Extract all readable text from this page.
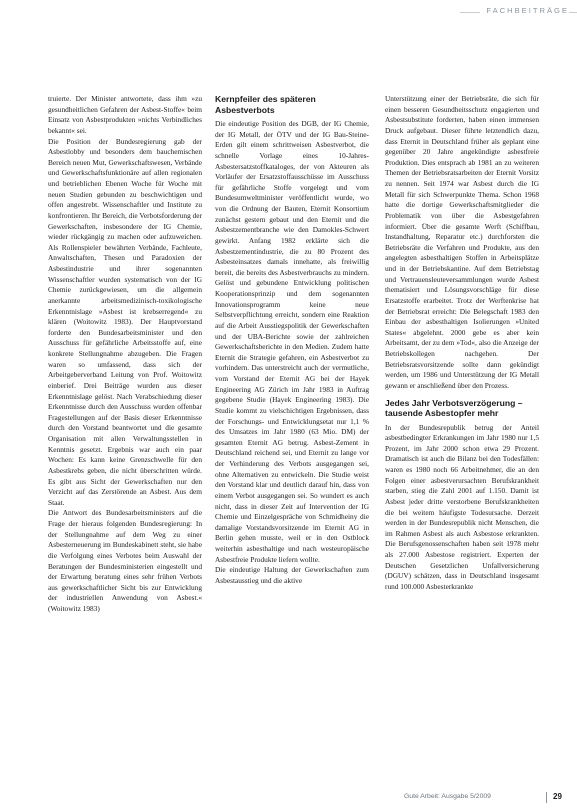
FACHBEITRÄGE

truierte. Der Minister antwortete, dass ihm »zu gesundheitlichen Gefahren der Asbest-Stoffe« beim Einsatz von Asbestprodukten »nichts Verbindliches bekannt« sei.

Die Position der Bundesregierung gab der Asbestlobby und besonders dem bauchemischen Bereich neuen Mut, Gewerkschaftswesen, Verbände und Gewerkschaftsfunktionäre auf allen regionalen und betrieblichen Ebenen Woche für Woche mit neuen Studien gebunden zu beschwichtigen und offen angestrebt. Wissenschaftler und Institute zu konfrontieren. Ihr Bereich, die Verbotsforderung der Gewerkschaften, insbesondere der IG Chemie, wieder rückgängig zu machen oder aufzuweichen. Als Rollenspieler bewährten Verbände, Fachleute, Anwaltschaften, Thesen und Paradoxien der Asbestindustrie und ihrer sogenannten Wissenschaftler wurden systematisch von der IG Chemie zurückgewiesen, um die allgemein anerkannte arbeitsmedizinisch-toxikologische Erkenntnislage »Asbest ist krebserregend« zu klären (Woitowitz 1983). Der Hauptvorstand forderte den Bundesarbeitsminister und den Ausschuss für gefährliche Arbeitsstoffe auf, eine konkrete Stellungnahme abzugeben. Die Fragen waren so umfassend, dass sich der Arbeitgeberverband Leitung von Prof. Woitowitz einberief. Drei Beiträge wurden aus dieser Erkenntnislage gelöst. Nach Verabschiedung dieser Erkenntnisse durch den Ausschuss wurden offenbar Fragestellungen auf der Basis dieser Erkenntnisse durch den Vorstand beantwortet und die gesamte Organisation mit allen Verwaltungsstellen in Kenntnis gesetzt. Ergebnis war auch ein paar Wochen: Es kann keine Grenzschwelle für den Asbestkrebs geben, die nicht überschritten würde. Es gibt aus Sicht der Gewerkschaften nur den Verzicht auf das Zerstörende an Asbest. Aus dem Staat.

Die Antwort des Bundesarbeitsministers auf die Frage der hieraus folgenden Bundesregierung: In der Stellungnahme auf dem Weg zu einer Asbesterneuerung im Bundeskabinett steht, sie habe die Verfolgung eines Verbotes beim Auswahl der Beratungen der Bundesministerien eingestellt und der Erwartung beratung eines sehr frühen Verbots aus gewerkschaftlicher Sicht bis zur Entwicklung der industriellen Anwendung von Asbest.« (Woitowitz 1983)

Kernpfeiler des späteren Asbestverbots

Die eindeutige Position des DGB, der IG Chemie, der IG Metall, der ÖTV und der IG Bau-Steine-Erden gilt einem schrittweisen Asbestverbot, die schnelle Vorlage eines 10-Jahres-Asbestersatzstoffkataloges, der von Akteuren als Vorläufer der Ersatzstoffausschüsse im Ausschuss für gefährliche Stoffe vorgelegt und vom Bundesumweltminister veröffentlicht wurde, wo von die Ordnung der Bauten, Eternit Konsortium zunächst gestern gebaut und den Eternit und die Asbestzementbranche wie den Damokles-Schwert gewirkt. Anfang 1982 erklärte sich die Asbestzementindustrie, die zu 80 Prozent des Asbesteinsatzes damals innehatte, als freiwillig bereit, die bereits des Asbestverbrauchs zu mindern. Gelöst und gebundene Entwicklung politischen Kooperationsprinzip und dem sogenannten Innovationsprogramm keine neue Selbstverpflichtung erreicht, sondern eine Reaktion auf die Arbeit Ausstiegspolitik der Gewerkschaften und der UBA-Berichte sowie der zahlreichen Gewerkschaftsberichte in den Medien. Zudem hatte Eternit die Strategie gefahren, ein Asbestverbot zu vorhindern. Das unterstreicht auch der vermutliche, vom Vorstand der Eternit AG bei der Hayek Engineering AG Zürich im Jahr 1983 in Auftrag gegebene Studie (Hayek Engineering 1983). Die Studie kommt zu vielschichtigen Ergebnissen, dass der Forschungs- und Entwicklungsetat nur 1,1 % des Umsatzes im Jahr 1980 (63 Mio. DM) der gesamten Eternit AG betrug. Asbest-Zement in Deutschland reichend sei, und Eternit zu lange vor der Verhinderung des Verbots ausgegangen sei, ohne Alternativen zu entwickeln. Die Studie weist den Vorstand klar und deutlich darauf hin, dass von einem Verbot ausgegangen sei. So wundert es auch nicht, dass in dieser Zeit auf Intervention der IG Chemie und Einzelgespräche von Schmidheiny die damalige Vorstandsvorsitzende im Eternit AG in Berlin gehen musste, weil er in den Ostblock weiterhin asbesthaltige und nach westeuropäische Asbestfreie Produkte liefern wollte.

Die eindeutige Haltung der Gewerkschaften zum Asbestausstieg und die aktive

Unterstützung einer der Betriebsräte, die sich für einen besseren Gesundheitsschutz engagierten und Asbestsubstitute forderten, haben einen immensen Druck aufgebaut. Dieser führte letztendlich dazu, dass Eternit in Deutschland früher als geplant eine gegenüber 20 Jahre angekündigte asbestfreie Produktion. Dies entsprach ab 1981 an zu weiteren Themen der Betriebsratsarbeiten der Eternit Vorsitz zu nennen. Seit 1974 war Asbest durch die IG Metall für sich Schwerpunkte Thema. Schon 1968 hatte die dortige Gewerkschaftsmitglieder die Problematik von über die Asbestgefahren informiert. Über die gesamte Werft (Schiffbau, Instandhaltung, Reparatur etc.) durchforsten die Betriebsräte die Verfahren und Produkte, aus den angelegten asbesthaltigen Stoffen in Arbeitsplätze und in der Betriebskantine. Auf dem Betriebstag und Vertrauensleuteversammlungen wurde Asbest thematisiert und Lösungsvorschläge für diese Ersatzstoffe erarbeitet. Trotz der Werftenkrise hat der Betriebsrat erreicht: Die Belegschaft 1983 den Einbau der asbesthaltigen Isolierungen »United States« abgelehnt. 2000 gebe es aber kein Arbeitsamt, der zu dem »Tod«, also die Anzeige der Betriebskollegen nachgehen. Der Betriebsratsvorsitzende sollte dann gekündigt werden, um 1986 und Unterstützung der IG Metall gewann er anschließend über den Prozess.

Jedes Jahr Verbotsverzögerung – tausende Asbestopfer mehr

In der Bundesrepublik betrug der Anteil asbestbedingter Erkrankungen im Jahr 1980 nur 1,5 Prozent, im Jahr 2000 schon etwa 29 Prozent. Dramatisch ist auch die Bilanz bei den Todesfällen: waren es 1980 noch 66 Arbeitnehmer, die an den Folgen einer asbestverursachten Berufskrankheit starben, stieg die Zahl 2001 auf 1.150. Damit ist Asbest jeder dritte verstorbene Berufskrankheiten die bei weitem häufigste Todesursache. Derzeit werden in der Bundesrepublik nicht Menschen, die im Rahmen Asbest als auch Asbestose erkrankten. Die Berufsgenossenschaften haben seit 1978 mehr als 27.000 Asbestose registriert. Experten der Deutschen Gesetzlichen Unfallversicherung (DGUV) schätzen, dass in Deutschland insgesamt rund 100.000 Asbesterkrankte

Gute Arbeit: Ausgabe 5/2009	29
